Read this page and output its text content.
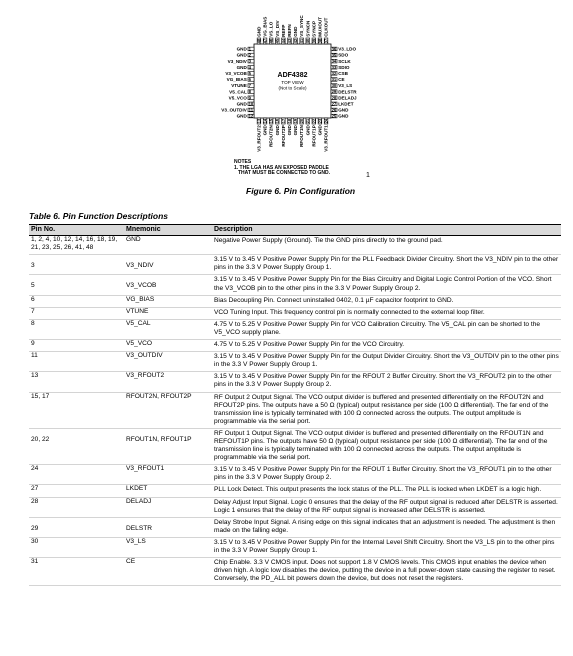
1
GND
2
GND
3
V3_NDIV
4
GND
5
V3_VCOB
6
VG_BIAS
7
VTUNE
8
V5_CAL
9
V5_VCO
10
GND
11
V3_OUTDIV
12
GND
36 V3_LDO
35 SDO
34 SCLK
33 SDIO
32 CSB
31 CE
30 V3_LS
29 DELSTR
28 DELADJ
27 LKDET
26 GND
25 GND
48
GND
47
VG_BIAS
46
VS_LO
45
VS_DIV
44
REFP
43
REFN
42
GND
41
VS_SYNC
40
SYNCN
39
SYNCP
38
MUXOUT
37
CLKOUT
13
V3_RFOUT2
14
GND
15
RFOUT2N
16
GND
17
RFOUT2P
18
GND
19
GND
20
RFOUT1N
21
GND
22
RFOUT1P
23
GND
24
V3_RFOUT1
ADF4382
TOP VIEW
(Not to Scale)
NOTES
1. THE LGA HAS AN EXPOSED PADDLE
THAT MUST BE CONNECTED TO GND.	1
Figure 6. Pin Configuration
Table 6. Pin Function Descriptions
Pin No.	Mnemonic	Description
1, 2, 4, 10, 12, 14, 16, 18, 19, 21, 23, 25, 26, 41, 48	GND	Negative Power Supply (Ground). Tie the GND pins directly to the ground pad.
3	V3_NDIV	3.15 V to 3.45 V Positive Power Supply Pin for the PLL Feedback Divider Circuitry. Short the V3_NDIV pin to the other pins in the 3.3 V Power Supply Group 1.
5	V3_VCOB	3.15 V to 3.45 V Positive Power Supply Pin for the Bias Circuitry and Digital Logic Control Portion of the VCO. Short the V3_VCOB pin to the other pins in the 3.3 V Power Supply Group 2.
6	VG_BIAS	Bias Decoupling Pin. Connect uninstalled 0402, 0.1 µF capacitor footprint to GND.
7	VTUNE	VCO Tuning Input. This frequency control pin is normally connected to the external loop filter.
8	V5_CAL	4.75 V to 5.25 V Positive Power Supply Pin for VCO Calibration Circuitry. The V5_CAL pin can be shorted to the V5_VCO supply plane.
9	V5_VCO	4.75 V to 5.25 V Positive Power Supply Pin for the VCO Circuitry.
11	V3_OUTDIV	3.15 V to 3.45 V Positive Power Supply Pin for the Output Divider Circuitry. Short the V3_OUTDIV pin to the other pins in the 3.3 V Power Supply Group 1.
13	V3_RFOUT2	3.15 V to 3.45 V Positive Power Supply Pin for the RFOUT 2 Buffer Circuitry. Short the V3_RFOUT2 pin to the other pins in the 3.3 V Power Supply Group 2.
15, 17	RFOUT2N, RFOUT2P	RF Output 2 Output Signal. The VCO output divider is buffered and presented differentially on the RFOUT2N and RFOUT2P pins. The outputs have a 50 Ω (typical) output resistance per side (100 Ω differential). The far end of the transmission line is typically terminated with 100 Ω connected across the outputs. The output amplitude is programmable via the serial port.
20, 22	RFOUT1N, RFOUT1P	RF Output 1 Output Signal. The VCO output divider is buffered and presented differentially on the RFOUT1N and REFOUT1P pins. The outputs have 50 Ω (typical) output resistance per side (100 Ω differential). The far end of the transmission line is typically terminated with 100 Ω connected across the outputs. The output amplitude is programmable via the serial port.
24	V3_RFOUT1	3.15 V to 3.45 V Positive Power Supply Pin for the RFOUT 1 Buffer Circuitry. Short the V3_RFOUT1 pin to the other pins in the 3.3 V Power Supply Group 2.
27	LKDET	PLL Lock Detect. This output presents the lock status of the PLL. The PLL is locked when LKDET is a logic high.
28	DELADJ	Delay Adjust Input Signal. Logic 0 ensures that the delay of the RF output signal is reduced after DELSTR is asserted. Logic 1 ensures that the delay of the RF output signal is increased after DELSTR is asserted.
29	DELSTR	Delay Strobe Input Signal. A rising edge on this signal indicates that an adjustment is needed. The adjustment is then made on the falling edge.
30	V3_LS	3.15 V to 3.45 V Positive Power Supply Pin for the Internal Level Shift Circuitry. Short the V3_LS pin to the other pins in the 3.3 V Power Supply Group 1.
31	CE	Chip Enable. 3.3 V CMOS input. Does not support 1.8 V CMOS levels. This CMOS input enables the device when driven high. A logic low disables the device, putting the device in a full power-down state causing the register to reset. Conversely, the PD_ALL bit powers down the device, but does not reset the registers.
